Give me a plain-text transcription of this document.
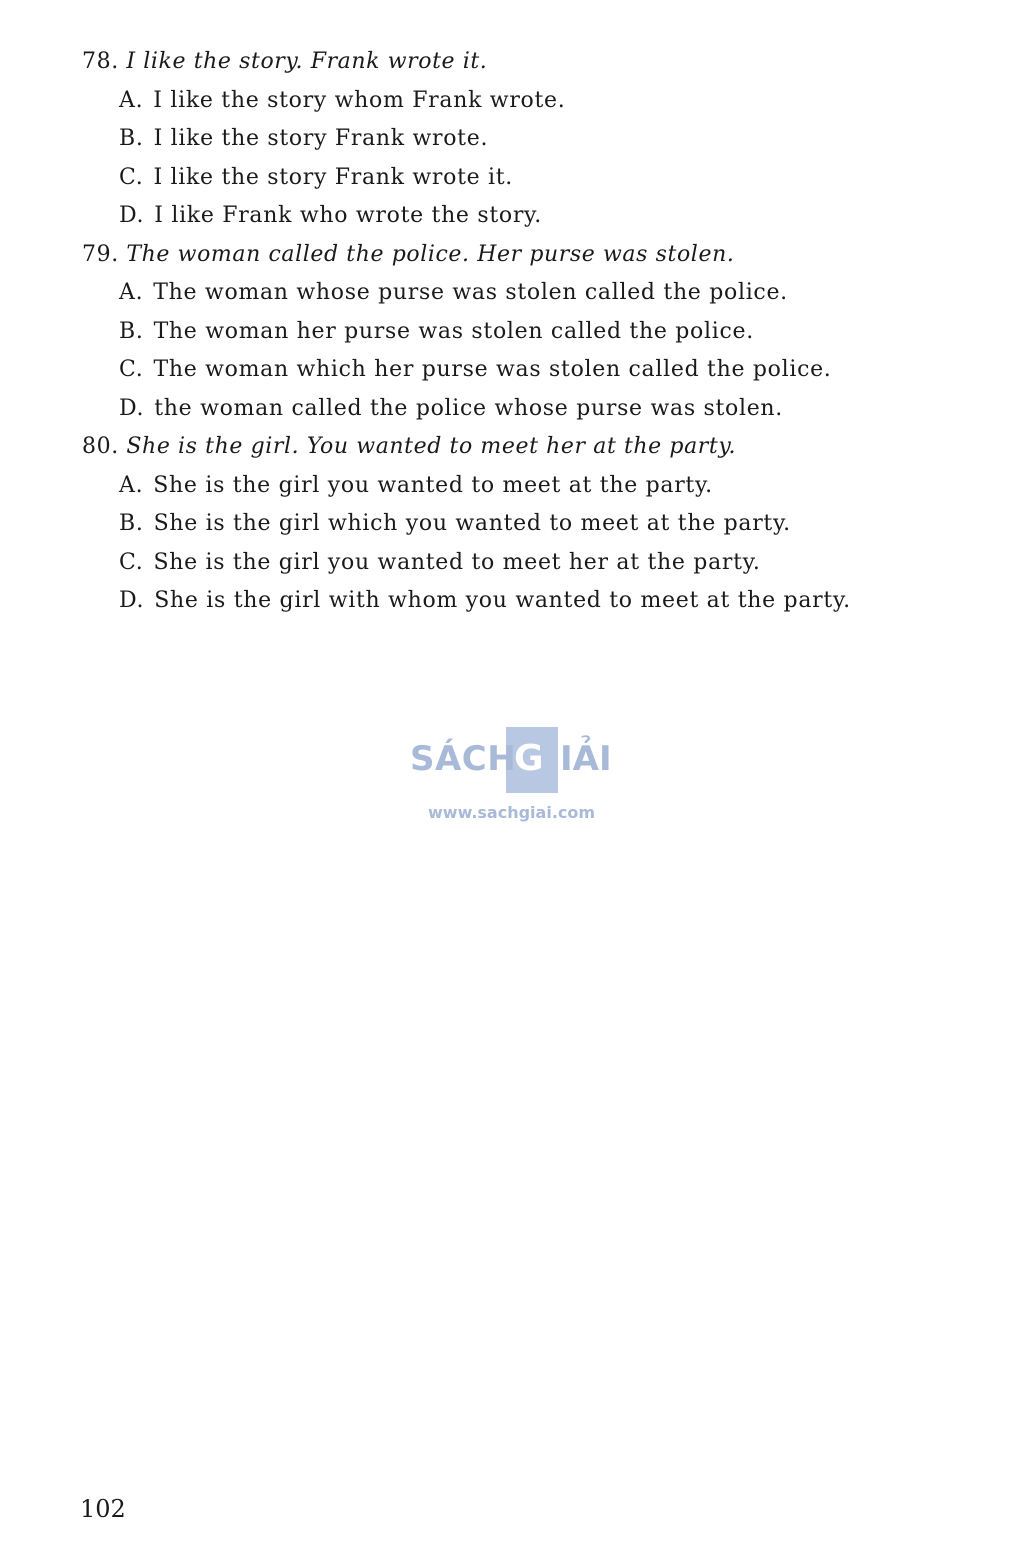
78. I like the story. Frank wrote it.
A. I like the story whom Frank wrote.
B. I like the story Frank wrote.
C. I like the story Frank wrote it.
D. I like Frank who wrote the story.
79. The woman called the police. Her purse was stolen.
A. The woman whose purse was stolen called the police.
B. The woman her purse was stolen called the police.
C. The woman which her purse was stolen called the police.
D. the woman called the police whose purse was stolen.
80. She is the girl. You wanted to meet her at the party.
A. She is the girl you wanted to meet at the party.
B. She is the girl which you wanted to meet at the party.
C. She is the girl you wanted to meet her at the party.
D. She is the girl with whom you wanted to meet at the party.
SÁCH
G IẢI
www.sachgiai.com
102
